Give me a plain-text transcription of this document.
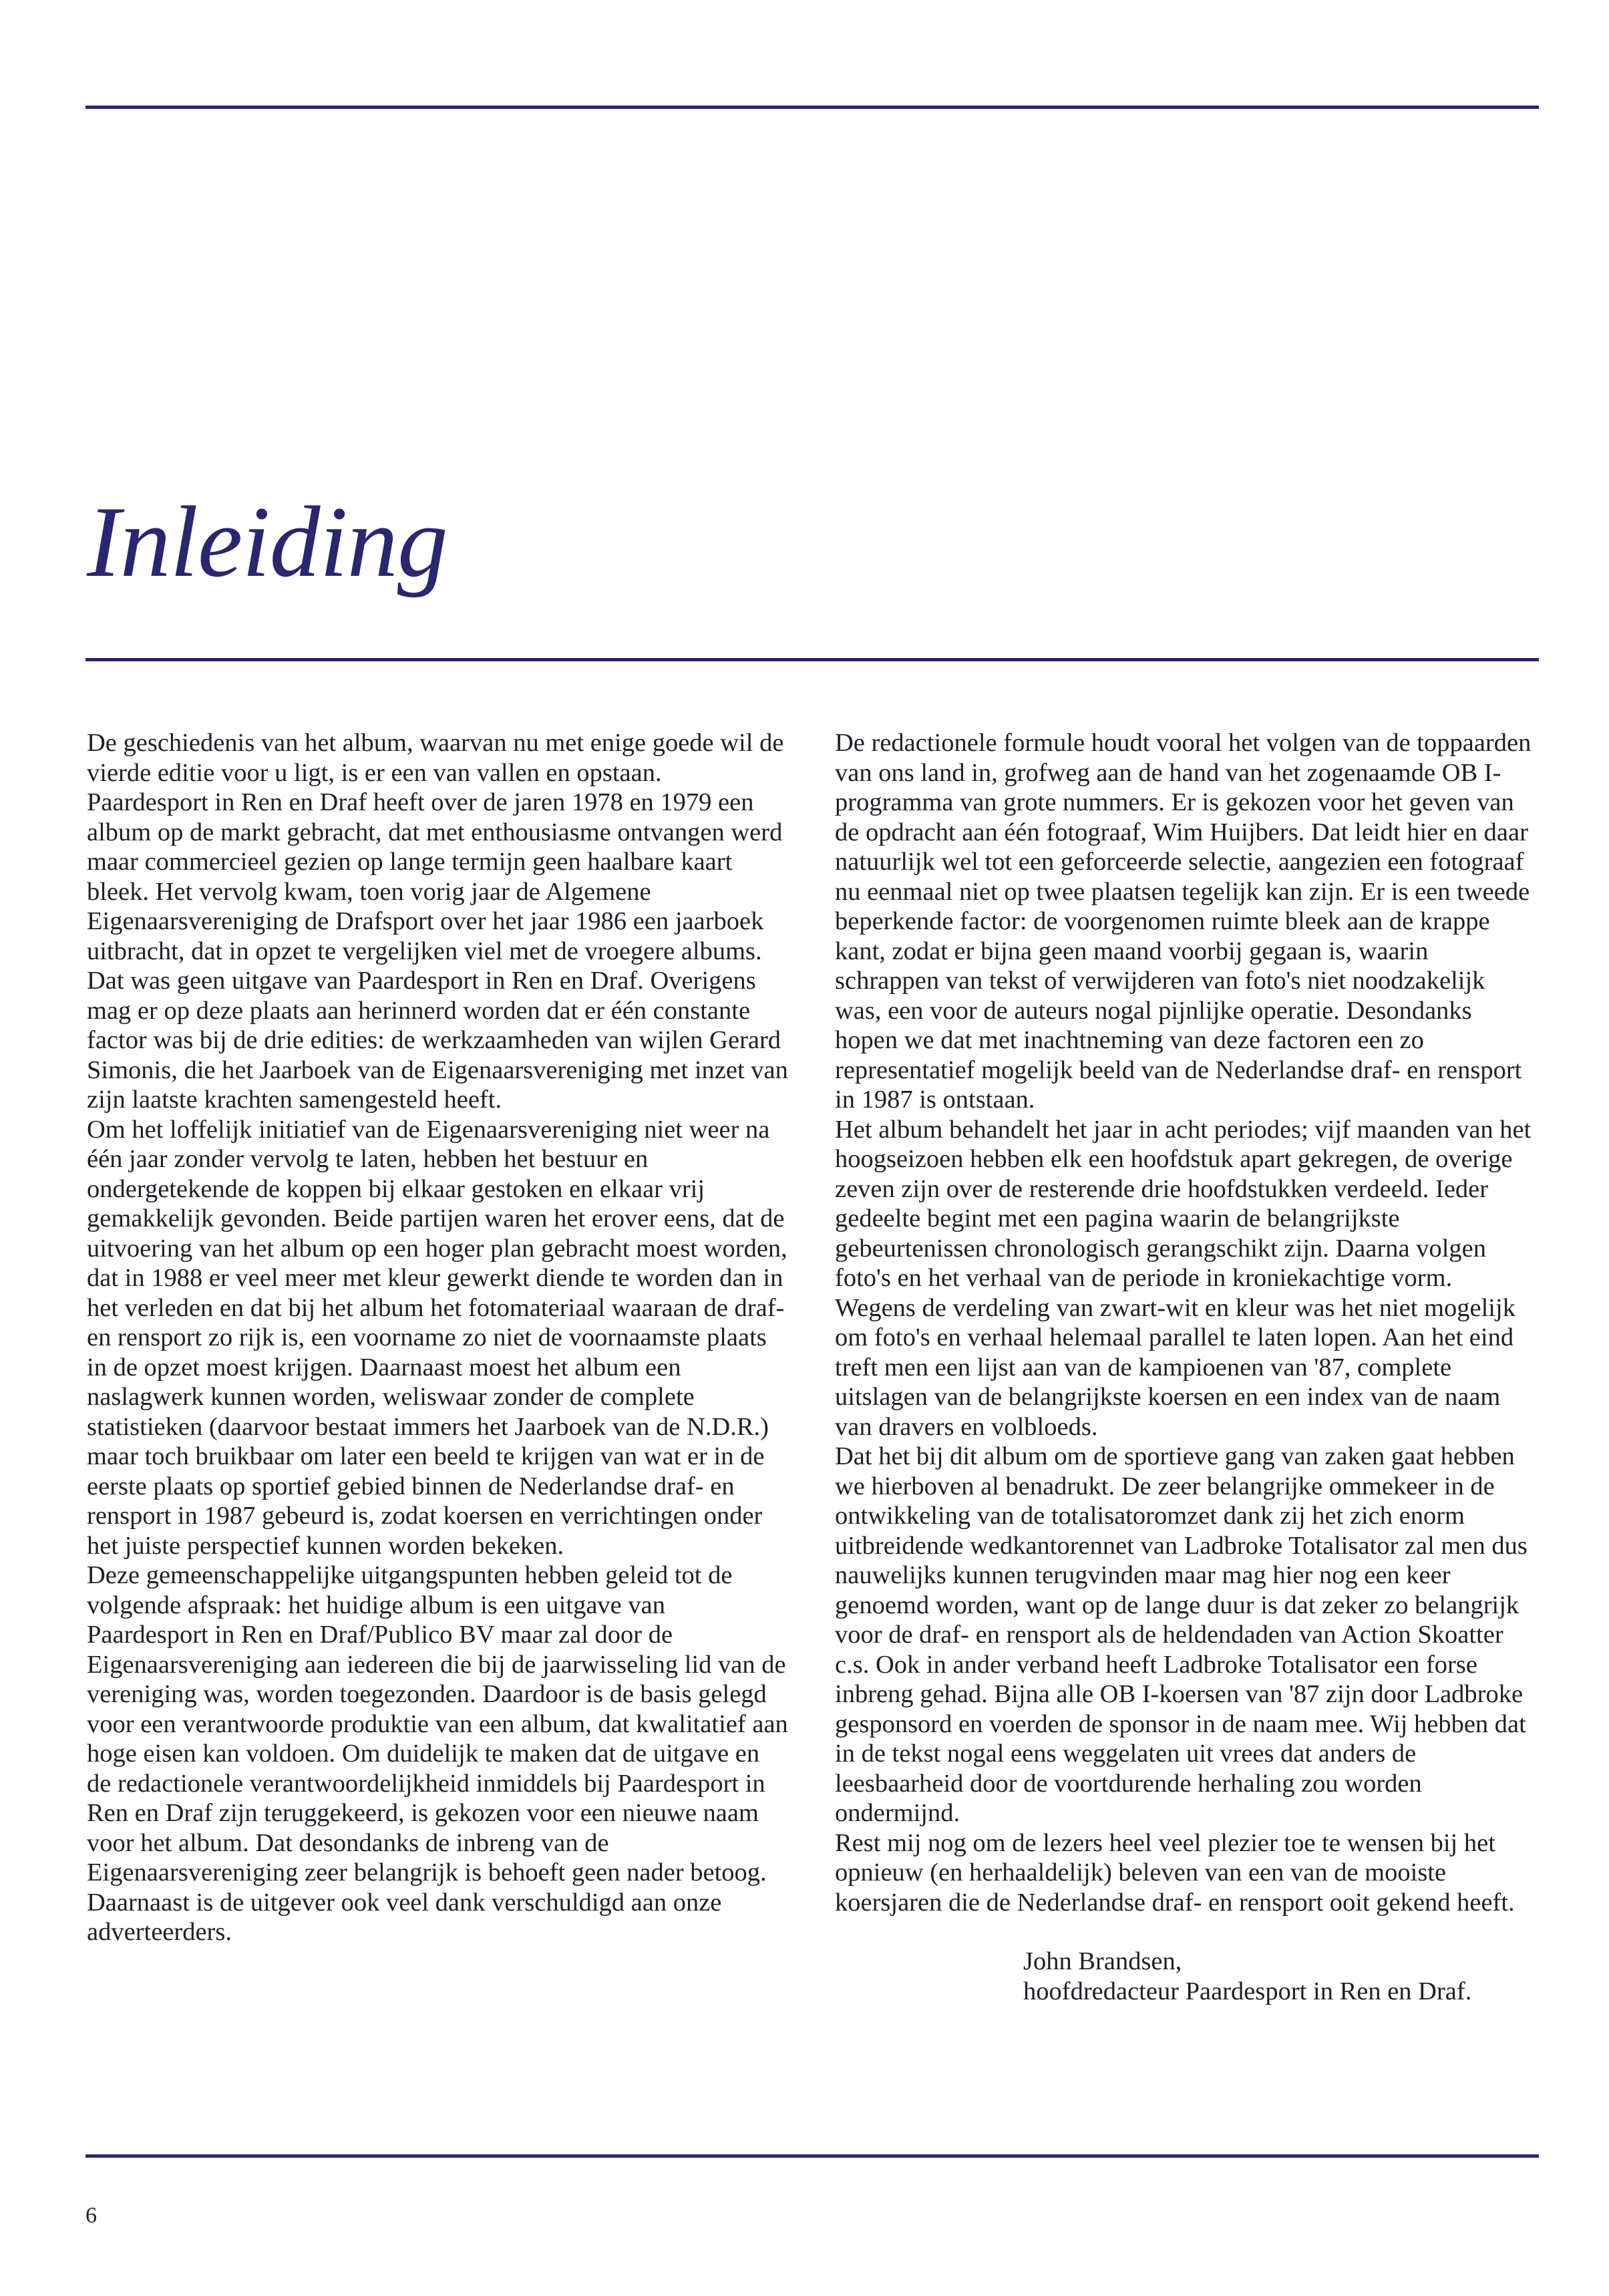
Inleiding

De geschiedenis van het album, waarvan nu met enige goede wil de vierde editie voor u ligt, is er een van vallen en opstaan.

Paardesport in Ren en Draf heeft over de jaren 1978 en 1979 een album op de markt gebracht, dat met enthousiasme ontvangen werd maar commercieel gezien op lange termijn geen haalbare kaart bleek. Het vervolg kwam, toen vorig jaar de Algemene Eigenaarsvereniging de Drafsport over het jaar 1986 een jaarboek uitbracht, dat in opzet te vergelijken viel met de vroegere albums. Dat was geen uitgave van Paardesport in Ren en Draf. Overigens mag er op deze plaats aan herinnerd worden dat er één constante factor was bij de drie edities: de werkzaamheden van wijlen Gerard Simonis, die het Jaarboek van de Eigenaarsvereniging met inzet van zijn laatste krachten samengesteld heeft.

Om het loffelijk initiatief van de Eigenaarsvereniging niet weer na één jaar zonder vervolg te laten, hebben het bestuur en ondergetekende de koppen bij elkaar gestoken en elkaar vrij gemakkelijk gevonden. Beide partijen waren het erover eens, dat de uitvoering van het album op een hoger plan gebracht moest worden, dat in 1988 er veel meer met kleur gewerkt diende te worden dan in het verleden en dat bij het album het fotomateriaal waaraan de draf- en rensport zo rijk is, een voorname zo niet de voornaamste plaats in de opzet moest krijgen. Daarnaast moest het album een naslagwerk kunnen worden, weliswaar zonder de complete statistieken (daarvoor bestaat immers het Jaarboek van de N.D.R.) maar toch bruikbaar om later een beeld te krijgen van wat er in de eerste plaats op sportief gebied binnen de Nederlandse draf- en rensport in 1987 gebeurd is, zodat koersen en verrichtingen onder het juiste perspectief kunnen worden bekeken.

Deze gemeenschappelijke uitgangspunten hebben geleid tot de volgende afspraak: het huidige album is een uitgave van Paardesport in Ren en Draf/Publico BV maar zal door de Eigenaarsvereniging aan iedereen die bij de jaarwisseling lid van de vereniging was, worden toegezonden. Daardoor is de basis gelegd voor een verantwoorde produktie van een album, dat kwalitatief aan hoge eisen kan voldoen. Om duidelijk te maken dat de uitgave en de redactionele verantwoordelijkheid inmiddels bij Paardesport in Ren en Draf zijn teruggekeerd, is gekozen voor een nieuwe naam voor het album. Dat desondanks de inbreng van de Eigenaarsvereniging zeer belangrijk is behoeft geen nader betoog. Daarnaast is de uitgever ook veel dank verschuldigd aan onze adverteerders.

De redactionele formule houdt vooral het volgen van de toppaarden van ons land in, grofweg aan de hand van het zogenaamde OB I-programma van grote nummers. Er is gekozen voor het geven van de opdracht aan één fotograaf, Wim Huijbers. Dat leidt hier en daar natuurlijk wel tot een geforceerde selectie, aangezien een fotograaf nu eenmaal niet op twee plaatsen tegelijk kan zijn. Er is een tweede beperkende factor: de voorgenomen ruimte bleek aan de krappe kant, zodat er bijna geen maand voorbij gegaan is, waarin schrappen van tekst of verwijderen van foto's niet noodzakelijk was, een voor de auteurs nogal pijnlijke operatie. Desondanks hopen we dat met inachtneming van deze factoren een zo representatief mogelijk beeld van de Nederlandse draf- en rensport in 1987 is ontstaan.

Het album behandelt het jaar in acht periodes; vijf maanden van het hoogseizoen hebben elk een hoofdstuk apart gekregen, de overige zeven zijn over de resterende drie hoofdstukken verdeeld. Ieder gedeelte begint met een pagina waarin de belangrijkste gebeurtenissen chronologisch gerangschikt zijn. Daarna volgen foto's en het verhaal van de periode in kroniekachtige vorm. Wegens de verdeling van zwart-wit en kleur was het niet mogelijk om foto's en verhaal helemaal parallel te laten lopen. Aan het eind treft men een lijst aan van de kampioenen van '87, complete uitslagen van de belangrijkste koersen en een index van de naam van dravers en volbloeds.

Dat het bij dit album om de sportieve gang van zaken gaat hebben we hierboven al benadrukt. De zeer belangrijke ommekeer in de ontwikkeling van de totalisatoromzet dank zij het zich enorm uitbreidende wedkantorennet van Ladbroke Totalisator zal men dus nauwelijks kunnen terugvinden maar mag hier nog een keer genoemd worden, want op de lange duur is dat zeker zo belangrijk voor de draf- en rensport als de heldendaden van Action Skoatter c.s. Ook in ander verband heeft Ladbroke Totalisator een forse inbreng gehad. Bijna alle OB I-koersen van '87 zijn door Ladbroke gesponsord en voerden de sponsor in de naam mee. Wij hebben dat in de tekst nogal eens weggelaten uit vrees dat anders de leesbaarheid door de voortdurende herhaling zou worden ondermijnd.

Rest mij nog om de lezers heel veel plezier toe te wensen bij het opnieuw (en herhaaldelijk) beleven van een van de mooiste koersjaren die de Nederlandse draf- en rensport ooit gekend heeft.

John Brandsen,
hoofdredacteur Paardesport in Ren en Draf.
6
